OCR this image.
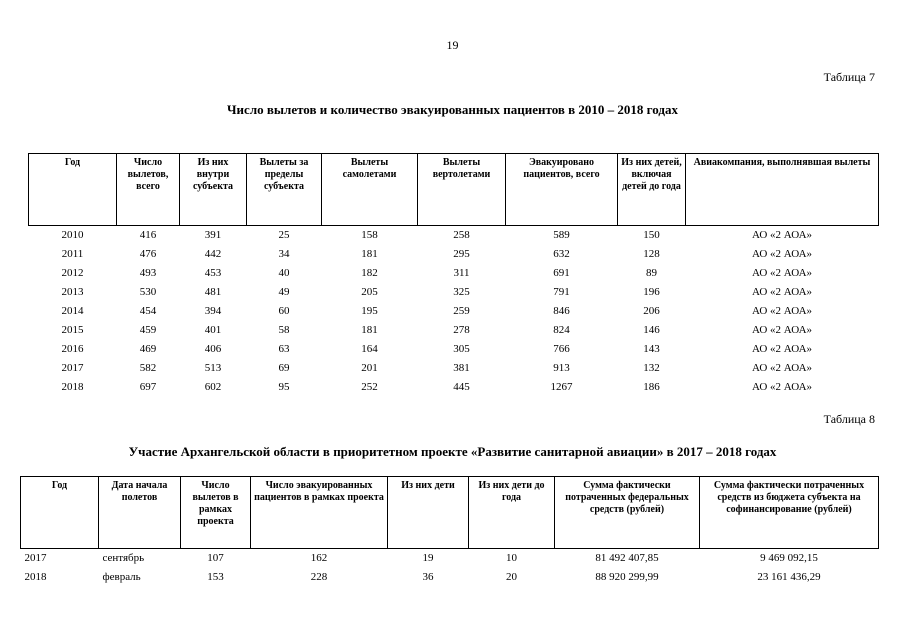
19
Таблица 7
Число вылетов и количество эвакуированных пациентов в 2010 – 2018 годах
Год	Число вылетов, всего	Из них внутри субъекта	Вылеты за пределы субъекта	Вылеты самолетами	Вылеты вертолетами	Эвакуировано пациентов, всего	Из них детей, включая детей до года	Авиакомпания, выполнявшая вылеты
2010	416	391	25	158	258	589	150	АО «2 АОА»
2011	476	442	34	181	295	632	128	АО «2 АОА»
2012	493	453	40	182	311	691	89	АО «2 АОА»
2013	530	481	49	205	325	791	196	АО «2 АОА»
2014	454	394	60	195	259	846	206	АО «2 АОА»
2015	459	401	58	181	278	824	146	АО «2 АОА»
2016	469	406	63	164	305	766	143	АО «2 АОА»
2017	582	513	69	201	381	913	132	АО «2 АОА»
2018	697	602	95	252	445	1267	186	АО «2 АОА»
Таблица 8
Участие Архангельской области в приоритетном проекте «Развитие санитарной авиации» в 2017 – 2018 годах
Год	Дата начала полетов	Число вылетов в рамках проекта	Число эвакуированных пациентов в рамках проекта	Из них дети	Из них дети до года	Сумма фактически потраченных федеральных средств (рублей)	Сумма фактически потраченных средств из бюджета субъекта на софинансирование (рублей)
2017	сентябрь	107	162	19	10	81 492 407,85	9 469 092,15
2018	февраль	153	228	36	20	88 920 299,99	23 161 436,29
